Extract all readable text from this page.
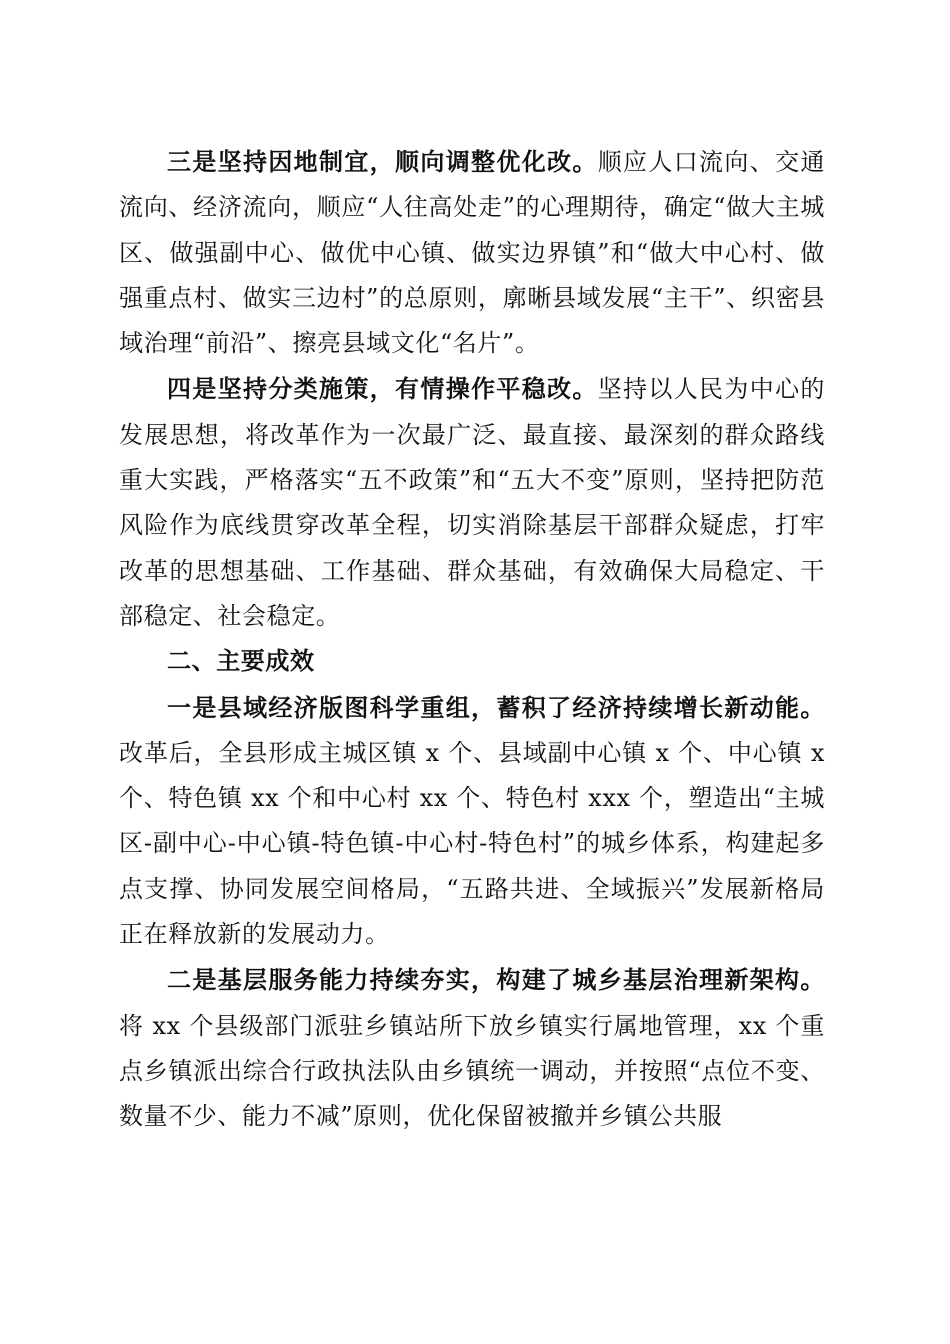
三是坚持因地制宜，顺向调整优化改。顺应人口流向、交通流向、经济流向，顺应“人往高处走”的心理期待，确定“做大主城区、做强副中心、做优中心镇、做实边界镇”和“做大中心村、做强重点村、做实三边村”的总原则，廓晰县域发展“主干”、织密县域治理“前沿”、擦亮县域文化“名片”。

四是坚持分类施策，有情操作平稳改。坚持以人民为中心的发展思想，将改革作为一次最广泛、最直接、最深刻的群众路线重大实践，严格落实“五不政策”和“五大不变”原则，坚持把防范风险作为底线贯穿改革全程，切实消除基层干部群众疑虑，打牢改革的思想基础、工作基础、群众基础，有效确保大局稳定、干部稳定、社会稳定。

二、主要成效

一是县域经济版图科学重组，蓄积了经济持续增长新动能。改革后，全县形成主城区镇 x 个、县域副中心镇 x 个、中心镇 x 个、特色镇 xx 个和中心村 xx 个、特色村 xxx 个，塑造出“主城区-副中心-中心镇-特色镇-中心村-特色村”的城乡体系，构建起多点支撑、协同发展空间格局，“五路共进、全域振兴”发展新格局正在释放新的发展动力。

二是基层服务能力持续夯实，构建了城乡基层治理新架构。将 xx 个县级部门派驻乡镇站所下放乡镇实行属地管理，xx 个重点乡镇派出综合行政执法队由乡镇统一调动，并按照“点位不变、数量不少、能力不减”原则，优化保留被撤并乡镇公共服
